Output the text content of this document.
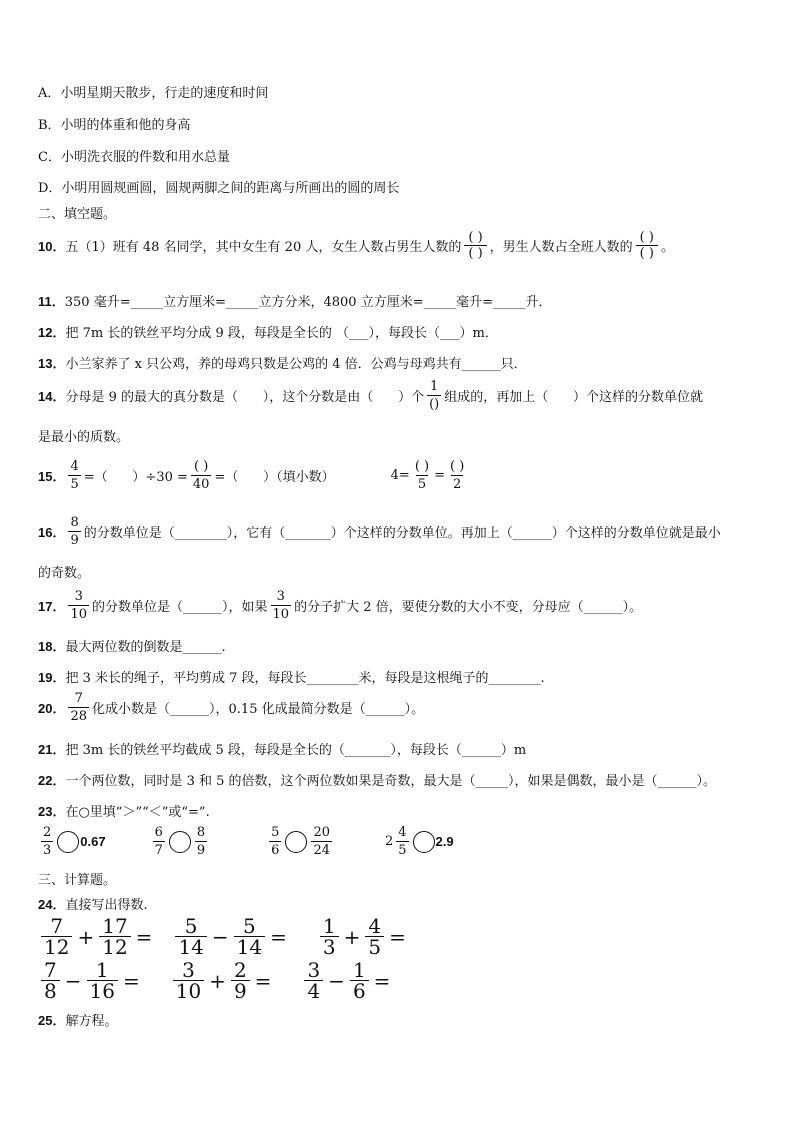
A．小明星期天散步，行走的速度和时间
B．小明的体重和他的身高
C．小明洗衣服的件数和用水总量
D．小明用圆规画圆，圆规两脚之间的距离与所画出的圆的周长
二、填空题。
10． 五（1）班有 48 名同学，其中女生有 20 人，女生人数占男生人数的 $\frac{( )}{( )}$ ，男生人数占全班人数的 $\frac{( )}{( )}$ 。
11． 350 毫升=_____立方厘米=_____立方分米，4800 立方厘米=_____毫升=_____升．
12． 把 7m 长的铁丝平均分成 9 段，每段是全长的 （___），每段长（___）m．
13． 小兰家养了 x 只公鸡，养的母鸡只数是公鸡的 4 倍．公鸡与母鸡共有______只．
14． 分母是 9 的最大的真分数是（      ），这个分数是由（      ）个 $\frac{1}{()}$ 组成的，再加上（      ）个这样的分数单位就
是最小的质数。
15． $\frac{4}{5}$ =（      ）$\div 30 = \frac{( )}{40}$ =（      ）（填小数）	$4= \frac{( )}{5} = \frac{( )}{2}$
16． $\frac{8}{9}$ 的分数单位是（________），它有（_______）个这样的分数单位。再加上（______）个这样的分数单位就是最小
的奇数。
17． $\frac{3}{10}$ 的分数单位是（______），如果 $\frac{3}{10}$ 的分子扩大 2 倍，要使分数的大小不变，分母应（______）。
18． 最大两位数的倒数是______.
19． 把 3 米长的绳子，平均剪成 7 段，每段长________米，每段是这根绳子的________.
20． $\frac{7}{28}$ 化成小数是（______），0.15 化成最简分数是（______）。
21． 把 3m 长的铁丝平均截成 5 段，每段是全长的（_______），每段长（______）m
22． 一个两位数，同时是 3 和 5 的倍数，这个两位数如果是奇数，最大是（_____），如果是偶数，最小是（______）。
23． 在○里填“＞”“＜”或“=”.
$\frac{2}{3} 0.67$	$\frac{6}{7} \frac{8}{9}$	$\frac{5}{6} \frac{20}{24}$	$2 \frac{4}{5} 2.9$
三、计算题。
24． 直接写出得数.
$\frac{7}{12} + \frac{17}{12} = \frac{5}{14} - \frac{5}{14} = \frac{1}{3} + \frac{4}{5}$ =
$\frac{7}{8} - \frac{1}{16} = \frac{3}{10} + \frac{2}{9} = \frac{3}{4} - \frac{1}{6}$ =
25． 解方程。
